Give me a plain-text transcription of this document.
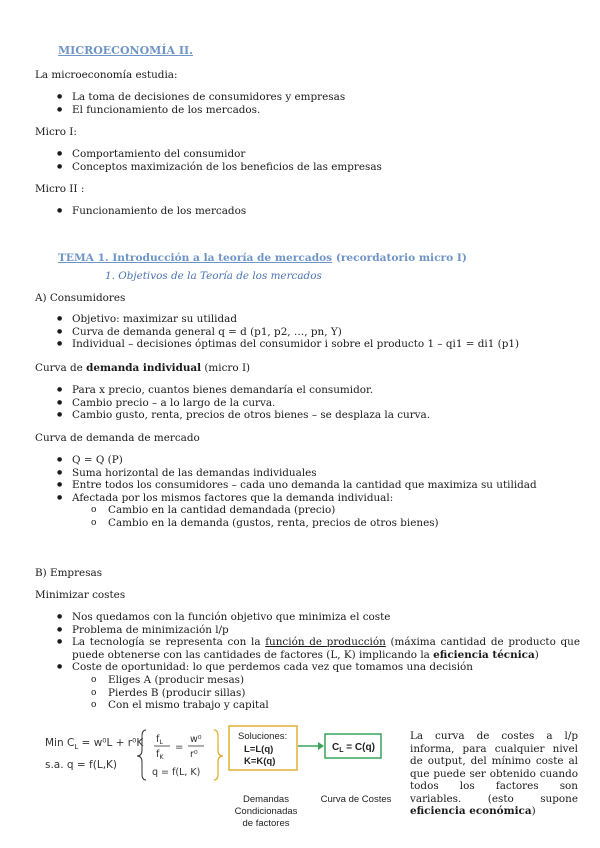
MICROECONOMÍA II.

La microeconomía estudia:

● La toma de decisiones de consumidores y empresas
● El funcionamiento de los mercados.

Micro I:

● Comportamiento del consumidor
● Conceptos maximización de los beneficios de las empresas

Micro II :

● Funcionamiento de los mercados

TEMA 1. Introducción a la teoría de mercados (recordatorio micro I)

1. Objetivos de la Teoría de los mercados

A) Consumidores

● Objetivo: maximizar su utilidad
● Curva de demanda general q = d (p1, p2, …, pn, Y)
● Individual – decisiones óptimas del consumidor i sobre el producto 1 – qi1 = di1 (p1)

Curva de demanda individual (micro I)

● Para x precio, cuantos bienes demandaría el consumidor.
● Cambio precio – a lo largo de la curva.
● Cambio gusto, renta, precios de otros bienes – se desplaza la curva.

Curva de demanda de mercado

● Q = Q (P)
● Suma horizontal de las demandas individuales
● Entre todos los consumidores – cada uno demanda la cantidad que maximiza su utilidad
● Afectada por los mismos factores que la demanda individual:
o Cambio en la cantidad demandada (precio)
o Cambio en la demanda (gustos, renta, precios de otros bienes)

B) Empresas

Minimizar costes

● Nos quedamos con la función objetivo que minimiza el coste
● Problema de minimización l/p
● La tecnología se representa con la función de producción (máxima cantidad de producto que puede obtenerse con las cantidades de factores (L, K) implicando la eficiencia técnica)
● Coste de oportunidad: lo que perdemos cada vez que tomamos una decisión
o Eliges A (producir mesas)
o Pierdes B (producir sillas)
o Con el mismo trabajo y capital
Min $C_L = w^0L + r^0K$
s.a. q = f(L,K)
$f_L$
$f_K$
=
w⁰
r⁰
q = f(L, K)
Soluciones:
L=L(q)
K=K(q)
$C_L = C(q)$
Demandas
Condicionadas
de factores
Curva de Costes

La curva de costes a l/p informa, para cualquier nivel de output, del mínimo coste al que puede ser obtenido cuando todos los factores son variables. (esto supone eficiencia económica)
